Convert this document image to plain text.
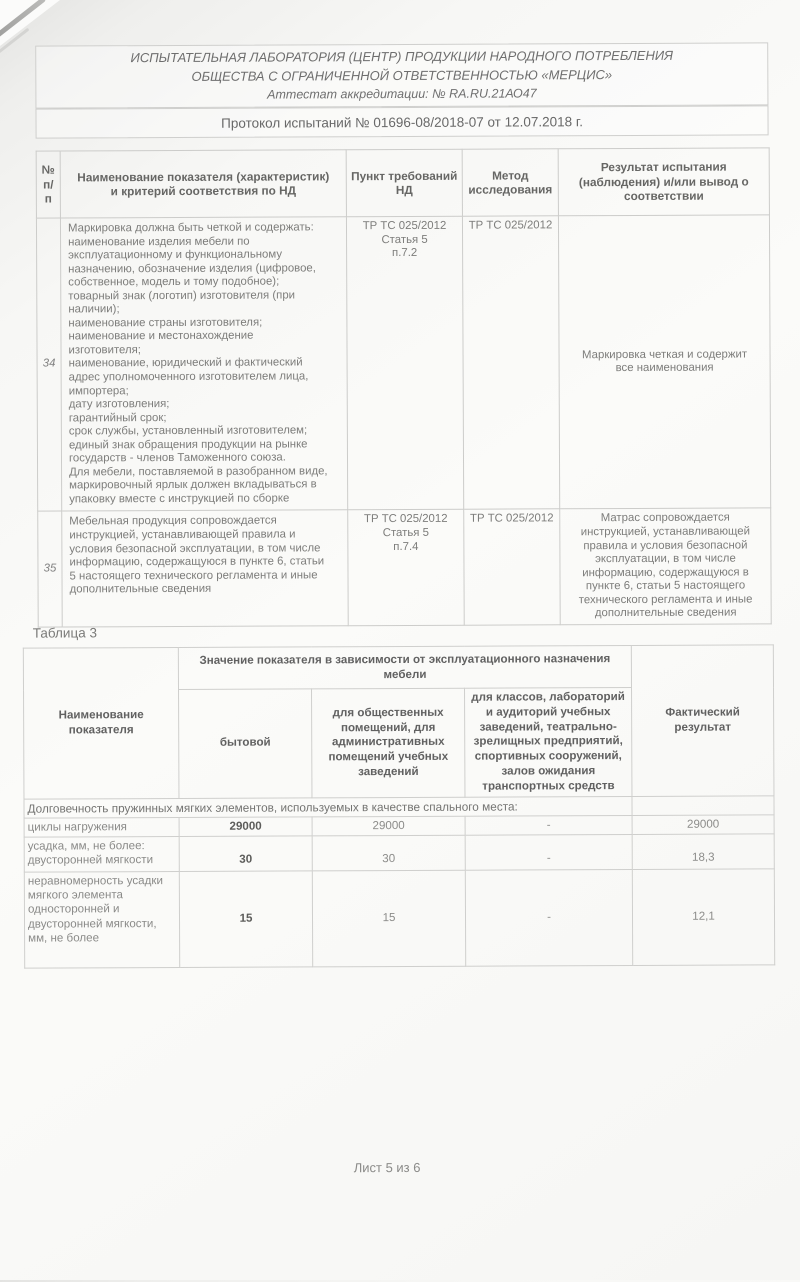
ИСПЫТАТЕЛЬНАЯ ЛАБОРАТОРИЯ (ЦЕНТР) ПРОДУКЦИИ НАРОДНОГО ПОТРЕБЛЕНИЯ
ОБЩЕСТВА С ОГРАНИЧЕННОЙ ОТВЕТСТВЕННОСТЬЮ «МЕРЦИС»
Аттестат аккредитации: № RA.RU.21АО47
Протокол испытаний № 01696-08/2018-07 от 12.07.2018 г.
№
п/п	Наименование показателя (характеристик)
и критерий соответствия по НД	Пункт требований
НД	Метод
исследования	Результат испытания
(наблюдения) и/или вывод о
соответствии
34	Маркировка должна быть четкой и содержать:
наименование изделия мебели по
эксплуатационному и функциональному
назначению, обозначение изделия (цифровое,
собственное, модель и тому подобное);
товарный знак (логотип) изготовителя (при
наличии);
наименование страны изготовителя;
наименование и местонахождение
изготовителя;
наименование, юридический и фактический
адрес уполномоченного изготовителем лица,
импортера;
дату изготовления;
гарантийный срок;
срок службы, установленный изготовителем;
единый знак обращения продукции на рынке
государств - членов Таможенного союза.
Для мебели, поставляемой в разобранном виде,
маркировочный ярлык должен вкладываться в
упаковку вместе с инструкцией по сборке	ТР ТС 025/2012
Статья 5
п.7.2	ТР ТС 025/2012	Маркировка четкая и содержит
все наименования
35	Мебельная продукция сопровождается
инструкцией, устанавливающей правила и
условия безопасной эксплуатации, в том числе
информацию, содержащуюся в пункте 6, статьи
5 настоящего технического регламента и иные
дополнительные сведения	ТР ТС 025/2012
Статья 5
п.7.4	ТР ТС 025/2012	Матрас сопровождается
инструкцией, устанавливающей
правила и условия безопасной
эксплуатации, в том числе
информацию, содержащуюся в
пункте 6, статьи 5 настоящего
технического регламента и иные
дополнительные сведения
Таблица 3
Наименование
показателя	Значение показателя в зависимости от эксплуатационного назначения
мебели			Фактический результат
бытовой	для общественных
помещений, для
административных
помещений учебных
заведений	для классов, лабораторий
и аудиторий учебных
заведений, театрально-
зрелищных предприятий,
спортивных сооружений,
залов ожидания
транспортных средств
Долговечность пружинных мягких элементов, используемых в качестве спального места:				
циклы нагружения	29000	29000	-	29000
усадка, мм, не более:
двусторонней мягкости	30	30	-	18,3
неравномерность усадки
мягкого элемента
односторонней и
двусторонней мягкости,
мм, не более	15	15	-	12,1
Лист 5 из 6
